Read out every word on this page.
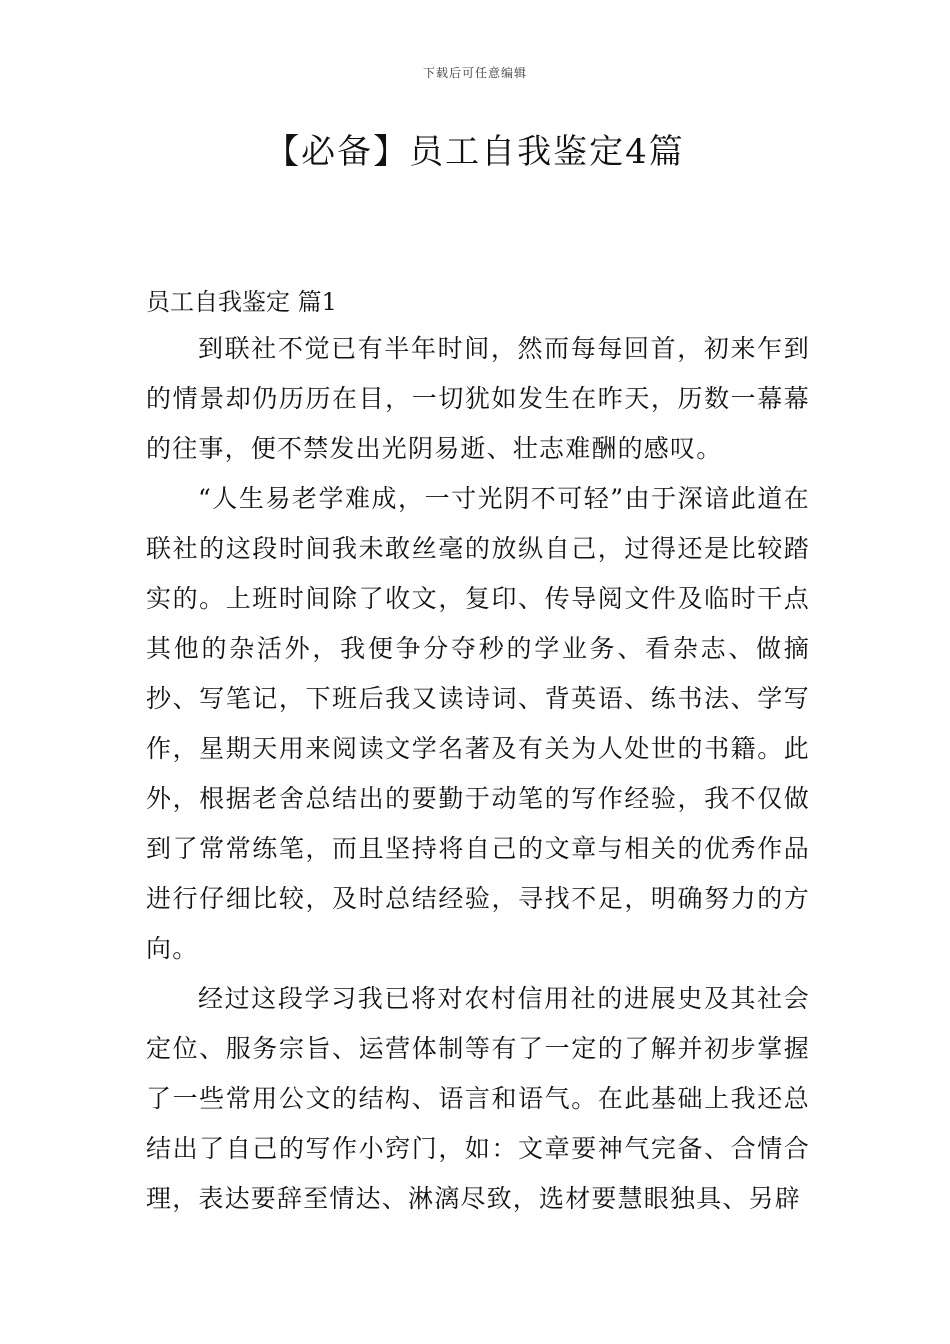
下载后可任意编辑
【必备】员工自我鉴定4篇
员工自我鉴定 篇1

到联社不觉已有半年时间，然而每每回首，初来乍到的情景却仍历历在目，一切犹如发生在昨天，历数一幕幕的往事，便不禁发出光阴易逝、壮志难酬的感叹。

“人生易老学难成，一寸光阴不可轻”由于深谙此道在联社的这段时间我未敢丝毫的放纵自己，过得还是比较踏实的。上班时间除了收文，复印、传导阅文件及临时干点其他的杂活外，我便争分夺秒的学业务、看杂志、做摘抄、写笔记，下班后我又读诗词、背英语、练书法、学写作，星期天用来阅读文学名著及有关为人处世的书籍。此外，根据老舍总结出的要勤于动笔的写作经验，我不仅做到了常常练笔，而且坚持将自己的文章与相关的优秀作品进行仔细比较，及时总结经验，寻找不足，明确努力的方向。

经过这段学习我已将对农村信用社的进展史及其社会定位、服务宗旨、运营体制等有了一定的了解并初步掌握了一些常用公文的结构、语言和语气。在此基础上我还总结出了自己的写作小窍门，如：文章要神气完备、合情合理，表达要辞至情达、淋漓尽致，选材要慧眼独具、另辟
